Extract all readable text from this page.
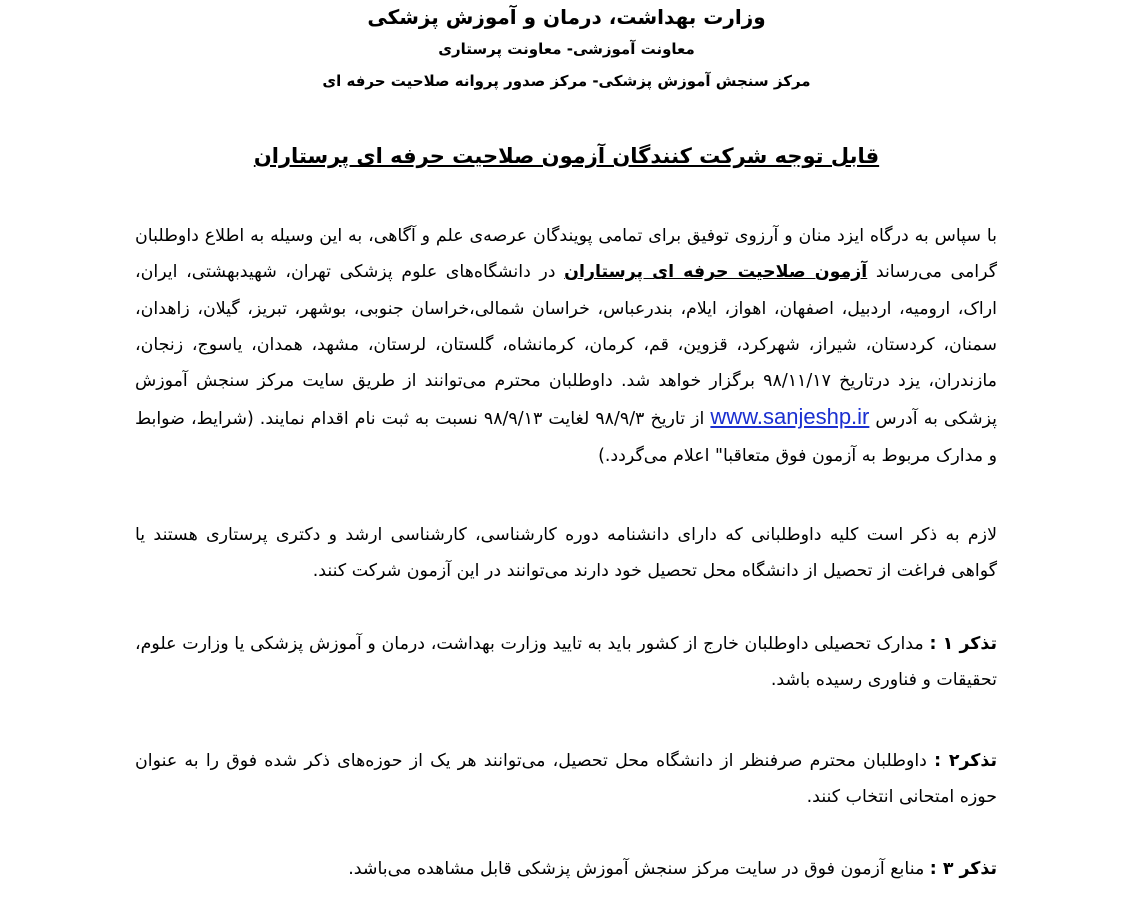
وزارت بهداشت، درمان و آموزش پزشکی
معاونت آموزشی- معاونت پرستاری
مرکز سنجش آموزش پزشکی- مرکز صدور پروانه صلاحیت حرفه ای
قابل توجه شرکت کنندگان آزمون صلاحیت حرفه ای پرستاران
با سپاس به درگاه ایزد منان و آرزوی توفیق برای تمامی پویندگان عرصه‌ی علم و آگاهی، به این وسیله به اطلاع داوطلبان گرامی می‌رساند آزمون صلاحیت حرفه ای پرستاران در دانشگاه‌های علوم پزشکی تهران، شهیدبهشتی، ایران، اراک، ارومیه، اردبیل، اصفهان، اهواز، ایلام، بندرعباس، خراسان شمالی،خراسان جنوبی، بوشهر، تبریز، گیلان، زاهدان، سمنان، کردستان، شیراز، شهرکرد، قزوین، قم، کرمان، کرمانشاه، گلستان، لرستان، مشهد، همدان، یاسوج، زنجان، مازندران، یزد درتاریخ ۹۸/۱۱/۱۷ برگزار خواهد شد. داوطلبان محترم می‌توانند از طریق سایت مرکز سنجش آموزش پزشکی به آدرس www.sanjeshp.ir از تاریخ ۹۸/۹/۳ لغایت ۹۸/۹/۱۳ نسبت به ثبت نام اقدام نمایند. (شرایط، ضوابط و مدارک مربوط به آزمون فوق متعاقبا" اعلام می‌گردد.)
لازم به ذکر است کلیه داوطلبانی که دارای دانشنامه دوره کارشناسی، کارشناسی ارشد و دکتری پرستاری هستند یا گواهی فراغت از تحصیل از دانشگاه محل تحصیل خود دارند می‌توانند در این آزمون شرکت کنند.
تذکر ۱ : مدارک تحصیلی داوطلبان خارج از کشور باید به تایید وزارت بهداشت، درمان و آموزش پزشکی یا وزارت علوم، تحقیقات و فناوری رسیده باشد.
تذکر۲ : داوطلبان محترم صرفنظر از دانشگاه محل تحصیل، می‌توانند هر یک از حوزه‌های ذکر شده فوق را به عنوان حوزه امتحانی انتخاب کنند.
تذکر ۳ : منابع آزمون فوق در سایت مرکز سنجش آموزش پزشکی قابل مشاهده می‌باشد.
